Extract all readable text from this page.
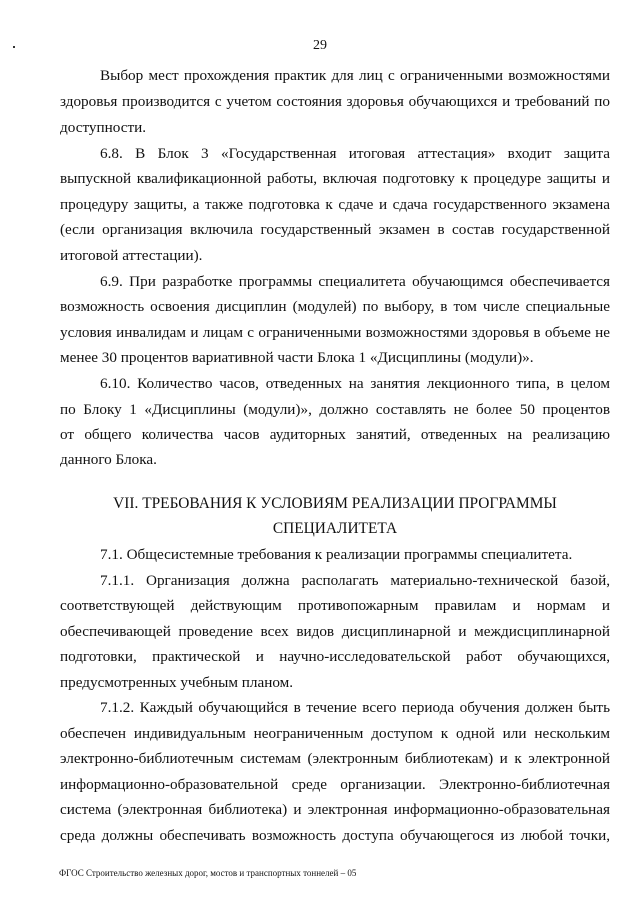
29
Выбор мест прохождения практик для лиц с ограниченными возможностями
здоровья производится с учетом состояния здоровья обучающихся и требований по
доступности.
6.8. В Блок 3 «Государственная итоговая аттестация» входит защита
выпускной квалификационной работы, включая подготовку к процедуре защиты и
процедуру защиты, а также подготовка к сдаче и сдача государственного экзамена
(если организация включила государственный экзамен в состав государственной
итоговой аттестации).
6.9. При разработке программы специалитета обучающимся обеспечивается
возможность освоения дисциплин (модулей) по выбору, в том числе специальные
условия инвалидам и лицам с ограниченными возможностями здоровья в объеме не
менее 30 процентов вариативной части Блока 1 «Дисциплины (модули)».
6.10. Количество часов, отведенных на занятия лекционного типа, в целом
по Блоку 1 «Дисциплины (модули)», должно составлять не более 50 процентов
от общего количества часов аудиторных занятий, отведенных на реализацию
данного Блока.
VII. ТРЕБОВАНИЯ К УСЛОВИЯМ РЕАЛИЗАЦИИ ПРОГРАММЫ
СПЕЦИАЛИТЕТА
7.1. Общесистемные требования к реализации программы специалитета.
7.1.1. Организация должна располагать материально-технической базой,
соответствующей действующим противопожарным правилам и нормам и
обеспечивающей проведение всех видов дисциплинарной и междисциплинарной
подготовки, практической и научно-исследовательской работ обучающихся,
предусмотренных учебным планом.
7.1.2. Каждый обучающийся в течение всего периода обучения должен быть
обеспечен индивидуальным неограниченным доступом к одной или нескольким
электронно-библиотечным системам (электронным библиотекам) и к электронной
информационно-образовательной среде организации. Электронно-библиотечная
система (электронная библиотека) и электронная информационно-образовательная
среда должны обеспечивать возможность доступа обучающегося из любой точки,
ФГОС Строительство железных дорог, мостов и транспортных тоннелей – 05
